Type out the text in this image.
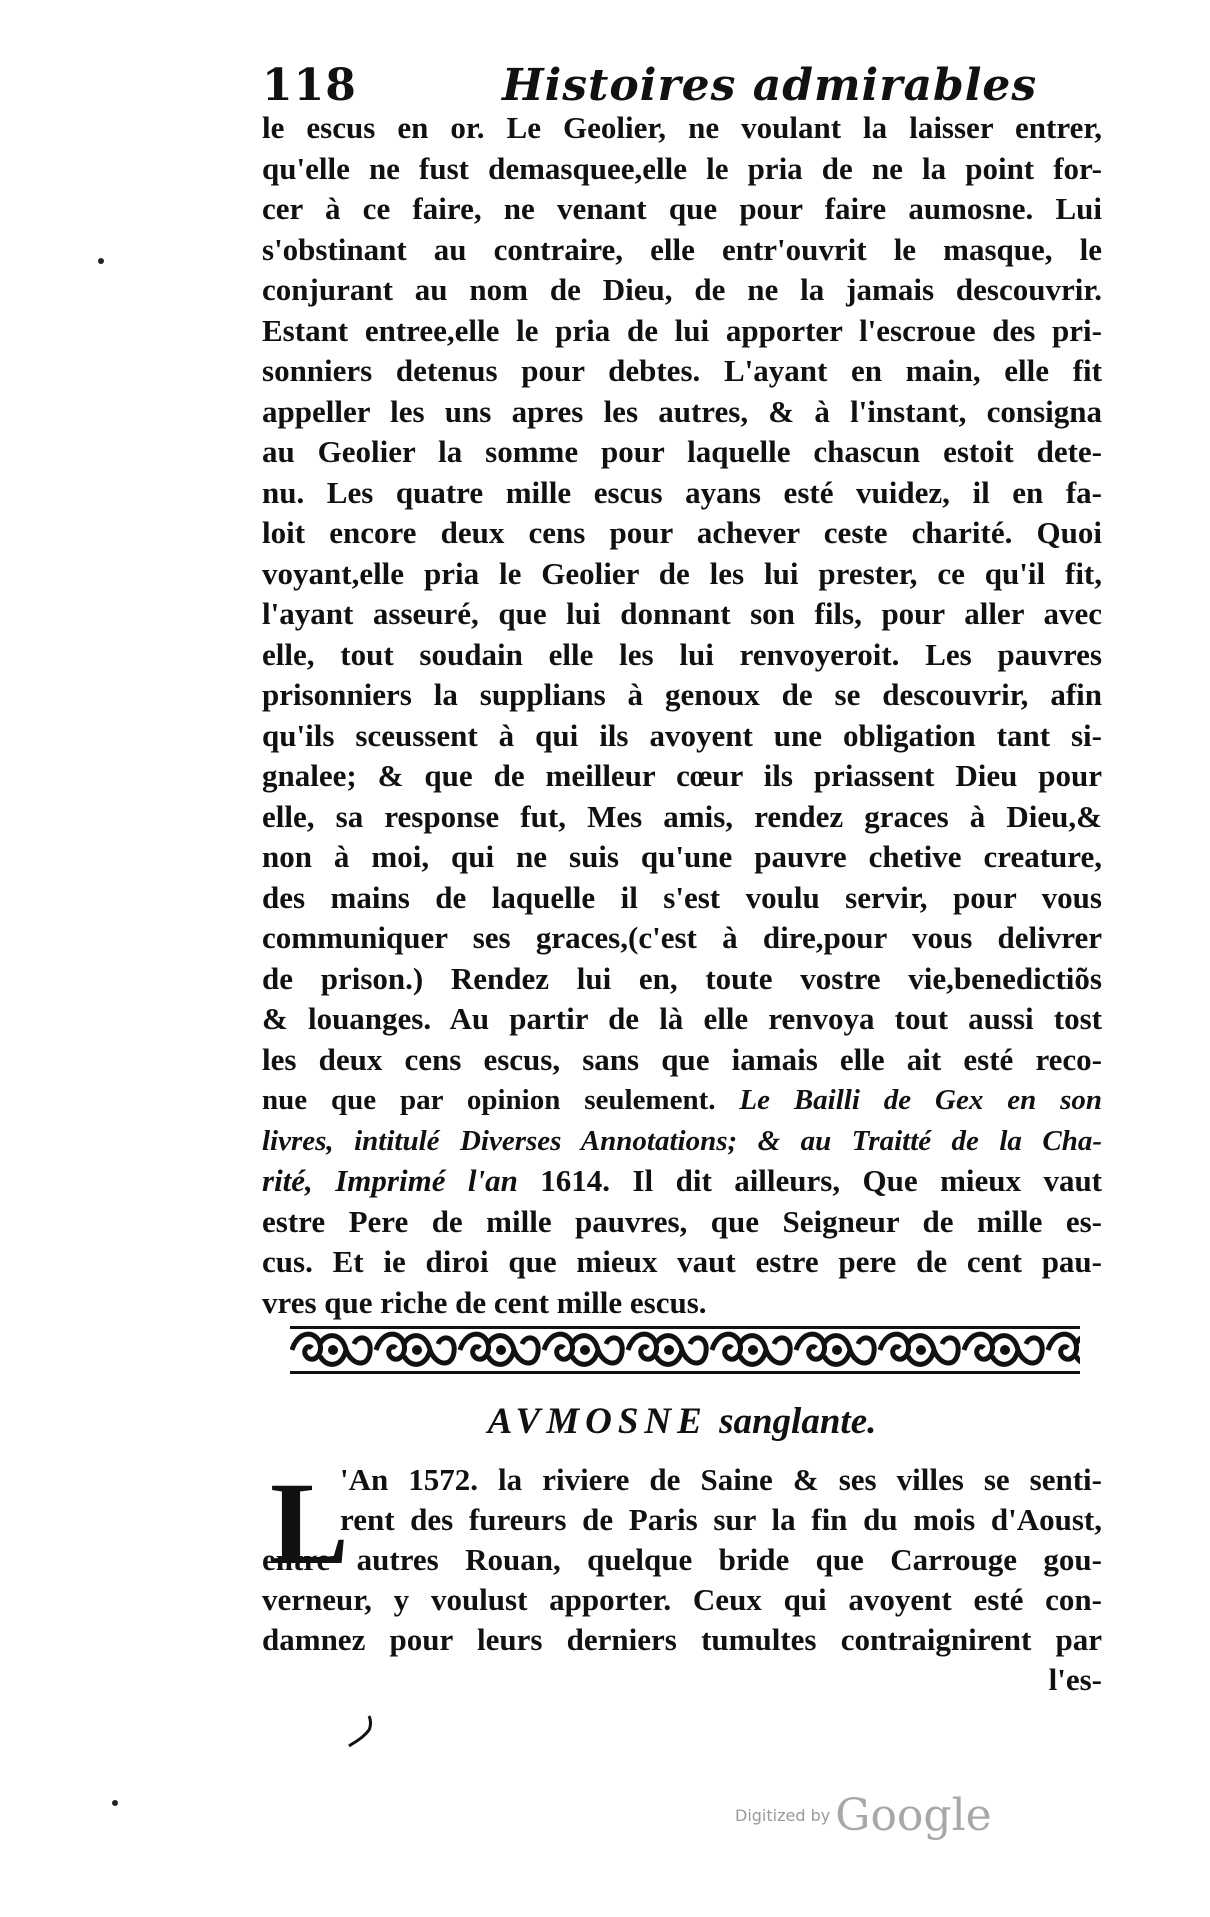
118	Histoires admirables
le escus en or. Le Geolier, ne voulant la laisser entrer,
qu'elle ne fust demasquee,elle le pria de ne la point for-
cer à ce faire, ne venant que pour faire aumosne. Lui
s'obstinant au contraire, elle entr'ouvrit le masque, le
conjurant au nom de Dieu, de ne la jamais descouvrir.
Estant entree,elle le pria de lui apporter l'escroue des pri-
sonniers detenus pour debtes. L'ayant en main, elle fit
appeller les uns apres les autres, & à l'instant, consigna
au Geolier la somme pour laquelle chascun estoit dete-
nu. Les quatre mille escus ayans esté vuidez, il en fa-
loit encore deux cens pour achever ceste charité. Quoi
voyant,elle pria le Geolier de les lui prester, ce qu'il fit,
l'ayant asseuré, que lui donnant son fils, pour aller avec
elle, tout soudain elle les lui renvoyeroit. Les pauvres
prisonniers la supplians à genoux de se descouvrir, afin
qu'ils sceussent à qui ils avoyent une obligation tant si-
gnalee; & que de meilleur cœur ils priassent Dieu pour
elle, sa response fut, Mes amis, rendez graces à Dieu,&
non à moi, qui ne suis qu'une pauvre chetive creature,
des mains de laquelle il s'est voulu servir, pour vous
communiquer ses graces,(c'est à dire,pour vous delivrer
de prison.) Rendez lui en, toute vostre vie,benedictiõs
& louanges. Au partir de là elle renvoya tout aussi tost
les deux cens escus, sans que iamais elle ait esté reco-
nue que par opinion seulement. Le Bailli de Gex en son
livres, intitulé Diverses Annotations; & au Traitté de la Cha-
rité, Imprimé l'an 1614. Il dit ailleurs, Que mieux vaut
estre Pere de mille pauvres, que Seigneur de mille es-
cus. Et ie diroi que mieux vaut estre pere de cent pau-
vres que riche de cent mille escus.
AVMOSNE sanglante.
L
'An 1572. la riviere de Saine & ses villes se senti-
rent des fureurs de Paris sur la fin du mois d'Aoust,
entre autres Rouan, quelque bride que Carrouge gou-
verneur, y voulust apporter. Ceux qui avoyent esté con-
damnez pour leurs derniers tumultes contraignirent par
l'es-
Digitized by Google
